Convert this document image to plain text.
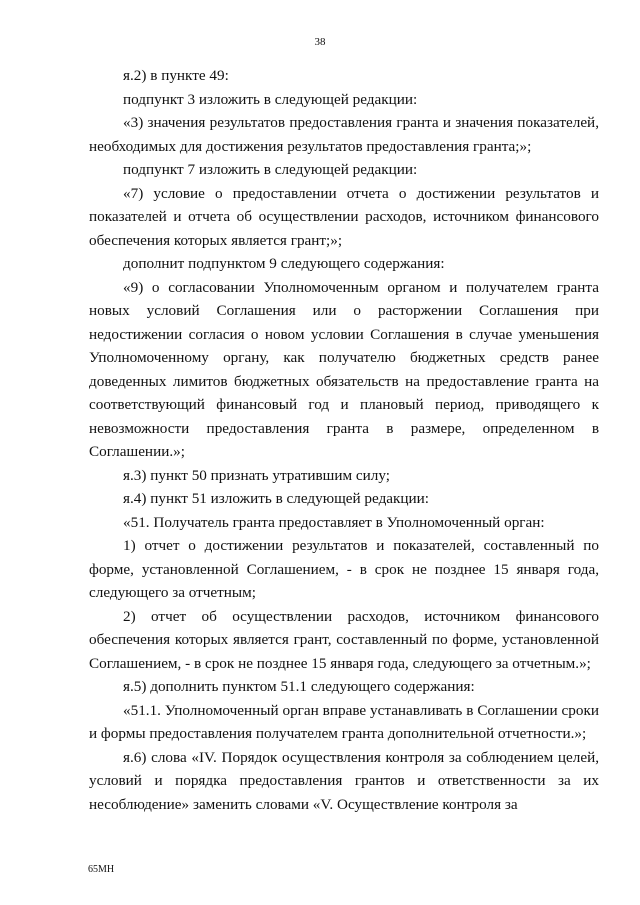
38

я.2) в пункте 49:

подпункт 3 изложить в следующей редакции:

«3) значения результатов предоставления гранта и значения показателей, необходимых для достижения результатов предоставления гранта;»;

подпункт 7 изложить в следующей редакции:

«7) условие о предоставлении отчета о достижении результатов и показателей и отчета об осуществлении расходов, источником финансового обеспечения которых является грант;»;

дополнит подпунктом 9 следующего содержания:

«9) о согласовании Уполномоченным органом и получателем гранта новых условий Соглашения или о расторжении Соглашения при недостижении согласия о новом условии Соглашения в случае уменьшения Уполномоченному органу, как получателю бюджетных средств ранее доведенных лимитов бюджетных обязательств на предоставление гранта на соответствующий финансовый год и плановый период, приводящего к невозможности предоставления гранта в размере, определенном в Соглашении.»;

я.3) пункт 50 признать утратившим силу;

я.4) пункт 51 изложить в следующей редакции:

«51. Получатель гранта предоставляет в Уполномоченный орган:

1) отчет о достижении результатов и показателей, составленный по форме, установленной Соглашением, - в срок не позднее 15 января года, следующего за отчетным;

2) отчет об осуществлении расходов, источником финансового обеспечения которых является грант, составленный по форме, установленной Соглашением, - в срок не позднее 15 января года, следующего за отчетным.»;

я.5) дополнить пунктом 51.1 следующего содержания:

«51.1. Уполномоченный орган вправе устанавливать в Соглашении сроки и формы предоставления получателем гранта дополнительной отчетности.»;

я.6) слова «IV. Порядок осуществления контроля за соблюдением целей, условий и порядка предоставления грантов и ответственности за их несоблюдение» заменить словами «V. Осуществление контроля за

65МН
